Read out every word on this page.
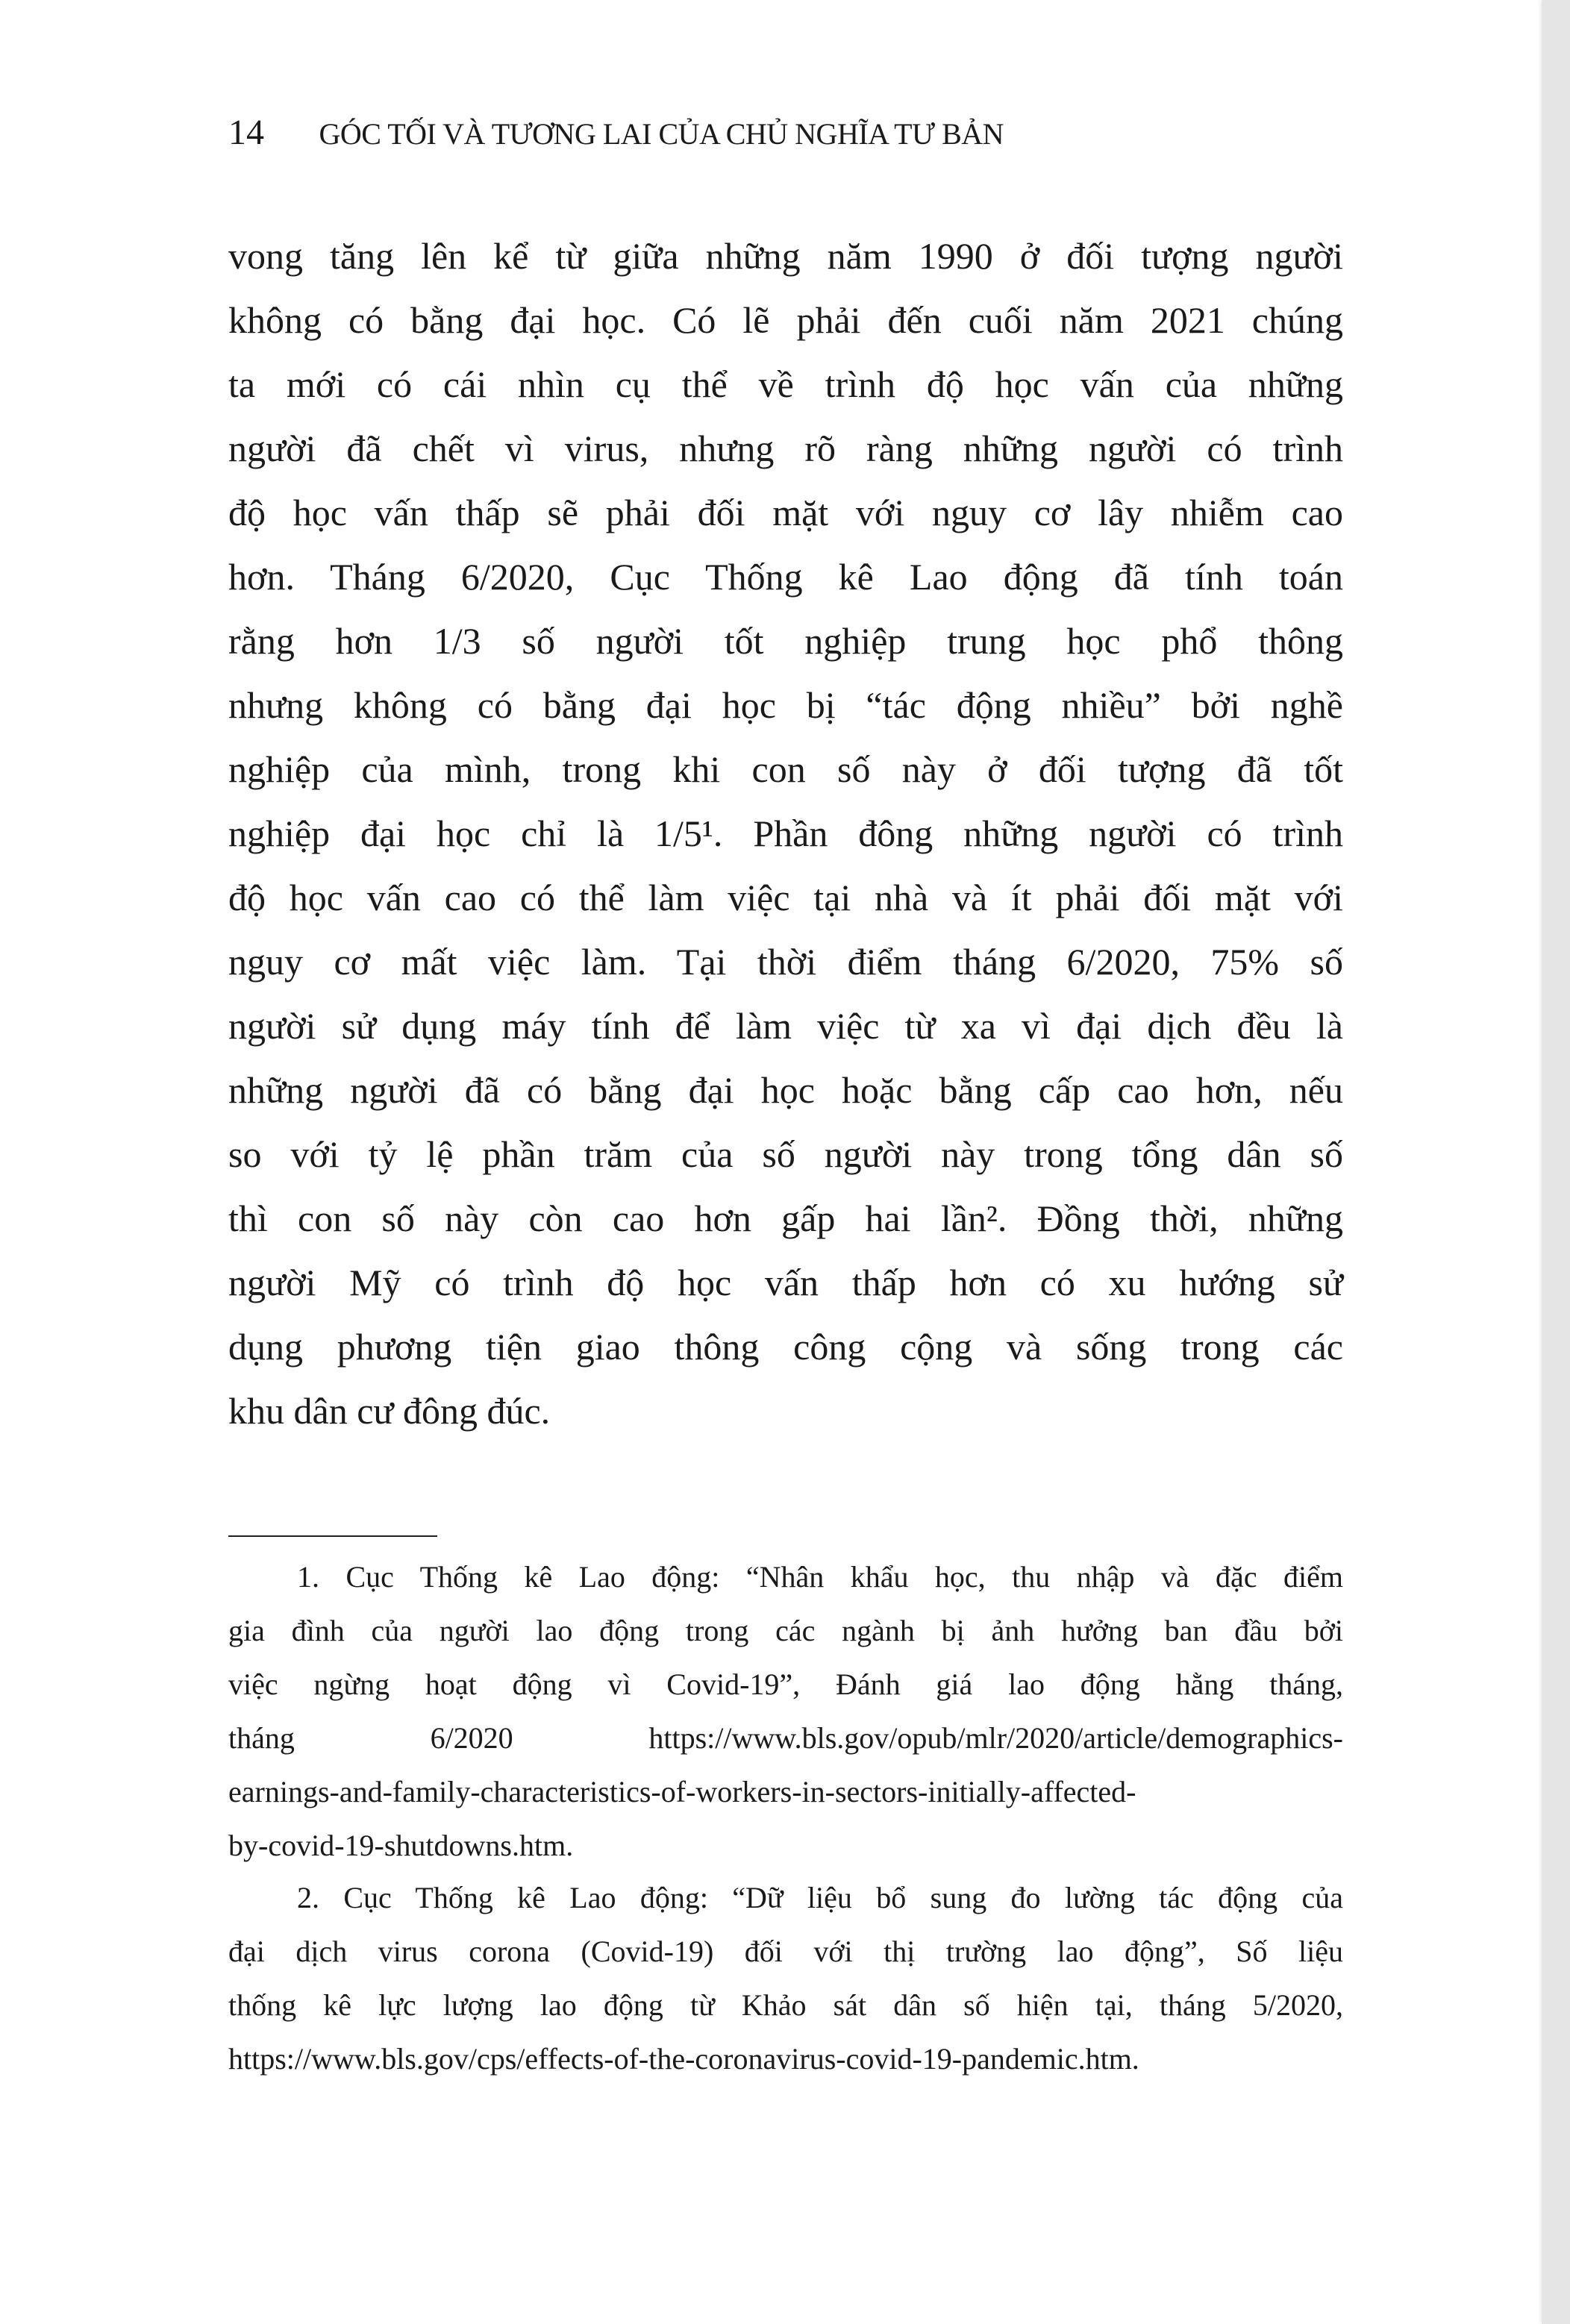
14 GÓC TỐI VÀ TƯƠNG LAI CỦA CHỦ NGHĨA TƯ BẢN
vong tăng lên kể từ giữa những năm 1990 ở đối tượng người
không có bằng đại học. Có lẽ phải đến cuối năm 2021 chúng
ta mới có cái nhìn cụ thể về trình độ học vấn của những
người đã chết vì virus, nhưng rõ ràng những người có trình
độ học vấn thấp sẽ phải đối mặt với nguy cơ lây nhiễm cao
hơn. Tháng 6/2020, Cục Thống kê Lao động đã tính toán
rằng hơn 1/3 số người tốt nghiệp trung học phổ thông
nhưng không có bằng đại học bị “tác động nhiều” bởi nghề
nghiệp của mình, trong khi con số này ở đối tượng đã tốt
nghiệp đại học chỉ là 1/5¹. Phần đông những người có trình
độ học vấn cao có thể làm việc tại nhà và ít phải đối mặt với
nguy cơ mất việc làm. Tại thời điểm tháng 6/2020, 75% số
người sử dụng máy tính để làm việc từ xa vì đại dịch đều là
những người đã có bằng đại học hoặc bằng cấp cao hơn, nếu
so với tỷ lệ phần trăm của số người này trong tổng dân số
thì con số này còn cao hơn gấp hai lần². Đồng thời, những
người Mỹ có trình độ học vấn thấp hơn có xu hướng sử
dụng phương tiện giao thông công cộng và sống trong các
khu dân cư đông đúc.
1. Cục Thống kê Lao động: “Nhân khẩu học, thu nhập và đặc điểm
gia đình của người lao động trong các ngành bị ảnh hưởng ban đầu bởi
việc ngừng hoạt động vì Covid-19”, Đánh giá lao động hằng tháng,
tháng 6/2020 https://www.bls.gov/opub/mlr/2020/article/demographics-
earnings-and-family-characteristics-of-workers-in-sectors-initially-affected-
by-covid-19-shutdowns.htm.
2. Cục Thống kê Lao động: “Dữ liệu bổ sung đo lường tác động của
đại dịch virus corona (Covid-19) đối với thị trường lao động”, Số liệu
thống kê lực lượng lao động từ Khảo sát dân số hiện tại, tháng 5/2020,
https://www.bls.gov/cps/effects-of-the-coronavirus-covid-19-pandemic.htm.
